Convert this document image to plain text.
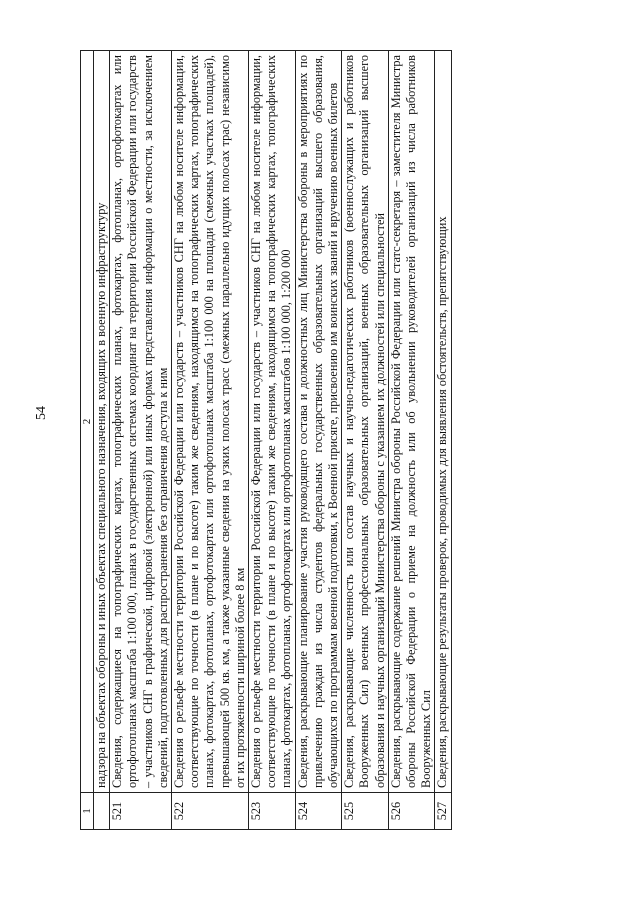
54
1	2
	надзора на объектах обороны и иных объектах специального назначения, входящих в военную инфраструктуру
521	Сведения, содержащиеся на топографических картах, топографических планах, фотокартах, фотопланах, ортофотокартах или ортофотопланах масштаба 1:100 000, планах в государственных системах координат на территории Российской Федерации или государств – участников СНГ в графической, цифровой (электронной) или иных формах представления информации о местности, за исключением сведений, подготовленных для распространения без ограничения доступа к ним
522	Сведения о рельефе местности территории Российской Федерации или государств – участников СНГ на любом носителе информации, соответствующие по точности (в плане и по высоте) таким же сведениям, находящимся на топографических картах, топографических планах, фотокартах, фотопланах, ортофотокартах или ортофотопланах масштаба 1:100 000 на площади (смежных участках площадей), превышающей 500 кв. км, а также указанные сведения на узких полосах трасс (смежных параллельно идущих полосах трас) независимо от их протяженности шириной более 8 км
523	Сведения о рельефе местности территории Российской Федерации или государств – участников СНГ на любом носителе информации, соответствующие по точности (в плане и по высоте) таким же сведениям, находящимся на топографических картах, топографических планах, фотокартах, фотопланах, ортофотокартах или ортофотопланах масштабов 1:100 000, 1:200 000
524	Сведения, раскрывающие планирование участия руководящего состава и должностных лиц Министерства обороны в мероприятиях по привлечению граждан из числа студентов федеральных государственных образовательных организаций высшего образования, обучающихся по программам военной подготовки, к Военной присяге, присвоению им воинских званий и вручению военных билетов
525	Сведения, раскрывающие численность или состав научных и научно-педагогических работников (военнослужащих и работников Вооруженных Сил) военных профессиональных образовательных организаций, военных образовательных организаций высшего образования и научных организаций Министерства обороны с указанием их должностей или специальностей
526	Сведения, раскрывающие содержание решений Министра обороны Российской Федерации или статс-секретаря – заместителя Министра обороны Российской Федерации о приеме на должность или об увольнении руководителей организаций из числа работников Вооруженных Сил
527	Сведения, раскрывающие результаты проверок, проводимых для выявления обстоятельств, препятствующих
